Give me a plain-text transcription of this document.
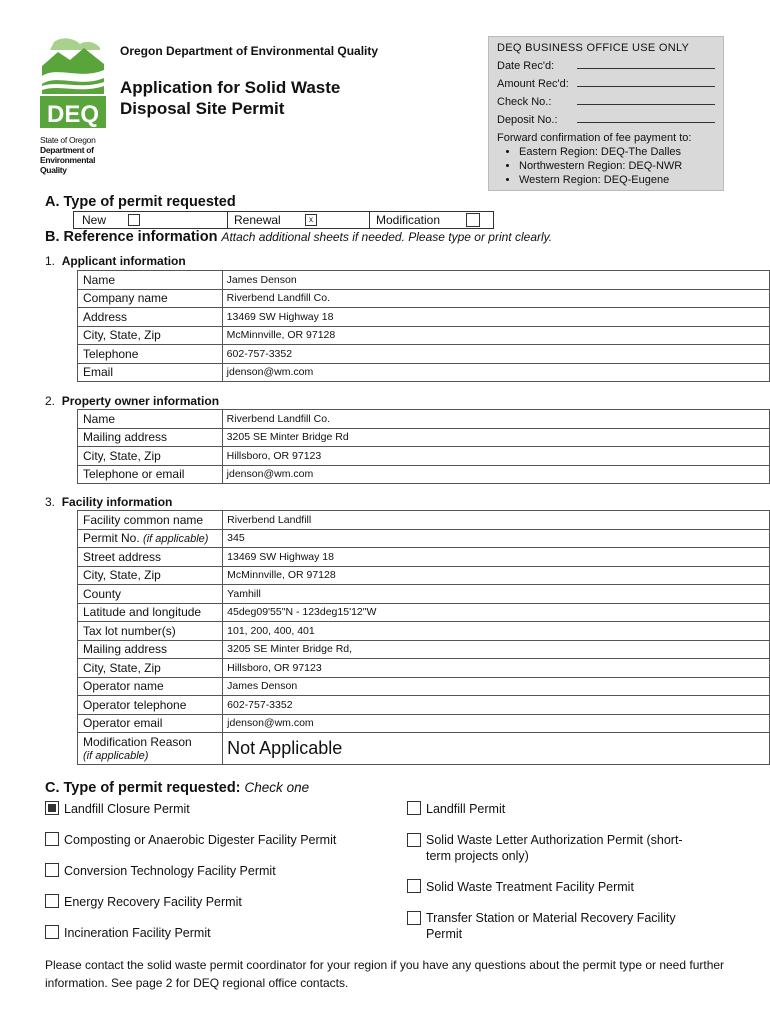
DEQ
State of Oregon
Department of
Environmental
Quality
Oregon Department of Environmental Quality
Application for Solid Waste
Disposal Site Permit
DEQ BUSINESS OFFICE USE ONLY
Date Rec'd:
Amount Rec'd:
Check No.:
Deposit No.:
Forward confirmation of fee payment to:
• Eastern Region: DEQ-The Dalles
• Northwestern Region: DEQ-NWR
• Western Region: DEQ-Eugene
A. Type of permit requested
New	Renewal	x	Modification
B. Reference information Attach additional sheets if needed. Please type or print clearly.
1. Applicant information
Name	James Denson
Company name	Riverbend Landfill Co.
Address	13469 SW Highway 18
City, State, Zip	McMinnville, OR 97128
Telephone	602-757-3352
Email	jdenson@wm.com
2. Property owner information
Name	Riverbend Landfill Co.
Mailing address	3205 SE Minter Bridge Rd
City, State, Zip	Hillsboro, OR 97123
Telephone or email	jdenson@wm.com
3. Facility information
Facility common name	Riverbend Landfill
Permit No. (if applicable)	345
Street address	13469 SW Highway 18
City, State, Zip	McMinnville, OR 97128
County	Yamhill
Latitude and longitude	45deg09'55"N - 123deg15'12"W
Tax lot number(s)	101, 200, 400, 401
Mailing address	3205 SE Minter Bridge Rd,
City, State, Zip	Hillsboro, OR 97123
Operator name	James Denson
Operator telephone	602-757-3352
Operator email	jdenson@wm.com

Modification Reason
(if applicable)	Not Applicable
C. Type of permit requested: Check one
Landfill Closure Permit
Composting or Anaerobic Digester Facility Permit
Conversion Technology Facility Permit
Energy Recovery Facility Permit
Incineration Facility Permit
Landfill Permit
Solid Waste Letter Authorization Permit (short-term projects only)
Solid Waste Treatment Facility Permit
Transfer Station or Material Recovery Facility Permit
Please contact the solid waste permit coordinator for your region if you have any questions about the permit type or need further information. See page 2 for DEQ regional office contacts.
